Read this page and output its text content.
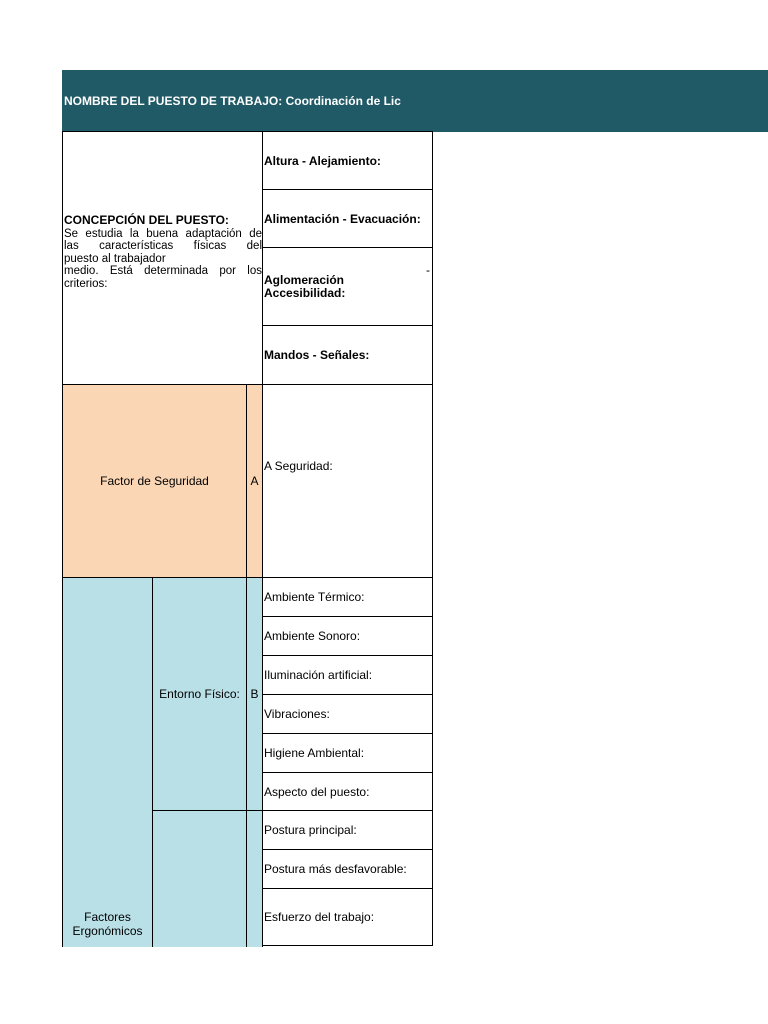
NOMBRE DEL PUESTO DE TRABAJO: Coordinación de Lic
CONCEPCIÓN DEL PUESTO:
Se estudia la buena adaptación de
las características físicas del
puesto al trabajador
medio. Está determinada por los
criterios:
Altura - Alejamiento:
Alimentación - Evacuación:
Aglomeración
Accesibilidad:
-
Mandos - Señales:
Factor de Seguridad	A
A Seguridad:
Factores
Ergonómicos
Entorno Físico: B
Ambiente Térmico:
Ambiente Sonoro:
Iluminación artificial:
Vibraciones:
Higiene Ambiental:
Aspecto del puesto:
Postura principal:
Postura más desfavorable:
Esfuerzo del trabajo:
